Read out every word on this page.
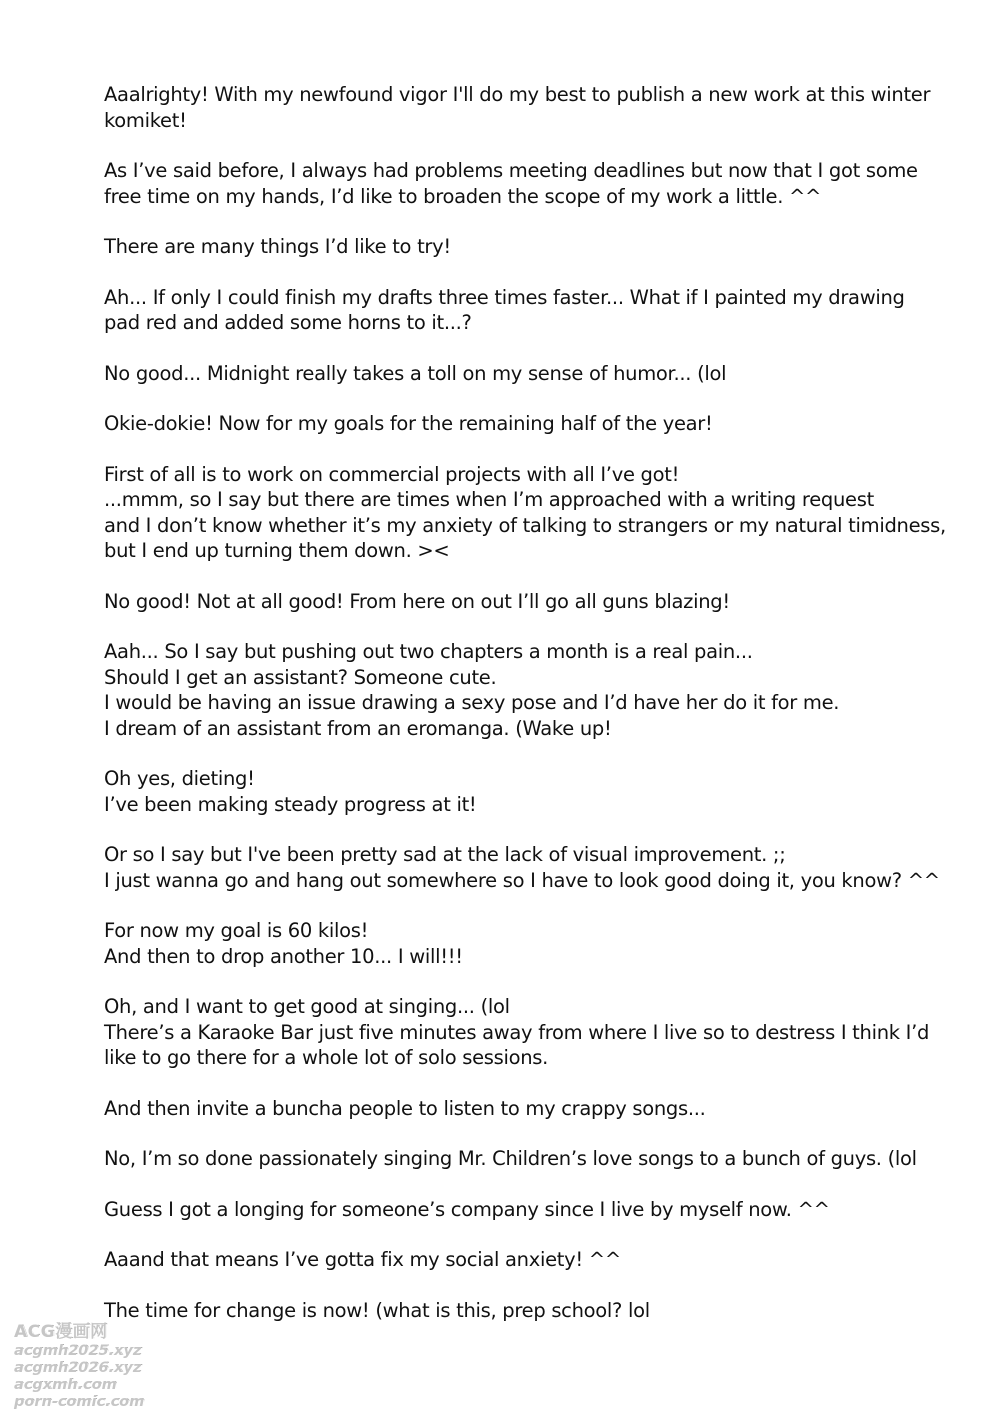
Aaalrighty! With my newfound vigor I'll do my best to publish a new work at this winter
komiket!
As I’ve said before, I always had problems meeting deadlines but now that I got some
free time on my hands, I’d like to broaden the scope of my work a little. ^^
There are many things I’d like to try!
Ah... If only I could finish my drafts three times faster... What if I painted my drawing
pad red and added some horns to it...?
No good... Midnight really takes a toll on my sense of humor... (lol
Okie-dokie! Now for my goals for the remaining half of the year!
First of all is to work on commercial projects with all I’ve got!
...mmm, so I say but there are times when I’m approached with a writing request
and I don’t know whether it’s my anxiety of talking to strangers or my natural timidness,
but I end up turning them down. ><
No good! Not at all good! From here on out I’ll go all guns blazing!
Aah... So I say but pushing out two chapters a month is a real pain...
Should I get an assistant? Someone cute.
I would be having an issue drawing a sexy pose and I’d have her do it for me.
I dream of an assistant from an eromanga. (Wake up!
Oh yes, dieting!
I’ve been making steady progress at it!
Or so I say but I've been pretty sad at the lack of visual improvement. ;;
I just wanna go and hang out somewhere so I have to look good doing it, you know? ^^
For now my goal is 60 kilos!
And then to drop another 10... I will!!!
Oh, and I want to get good at singing... (lol
There’s a Karaoke Bar just five minutes away from where I live so to destress I think I’d
like to go there for a whole lot of solo sessions.
And then invite a buncha people to listen to my crappy songs...
No, I’m so done passionately singing Mr. Children’s love songs to a bunch of guys. (lol
Guess I got a longing for someone’s company since I live by myself now. ^^
Aaand that means I’ve gotta fix my social anxiety! ^^
The time for change is now! (what is this, prep school? lol
ACG漫画网
acgmh2025.xyz
acgmh2026.xyz
acgxmh.com
porn-comic.com
